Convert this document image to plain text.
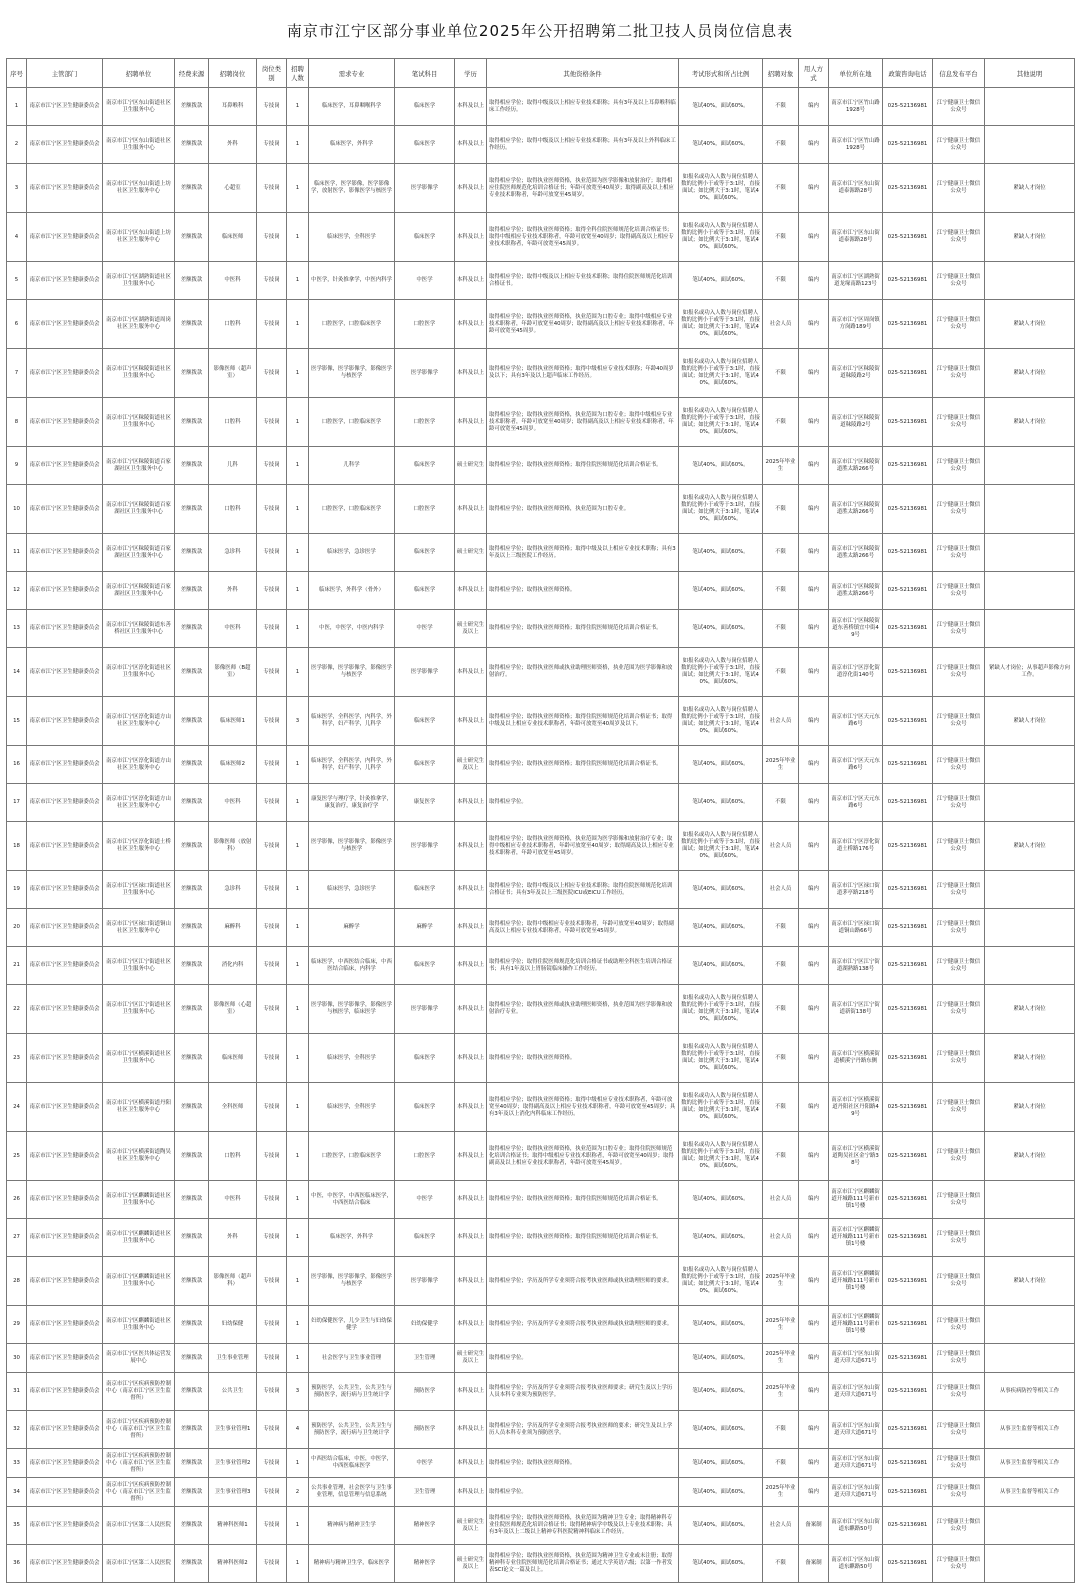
南京市江宁区部分事业单位2025年公开招聘第二批卫技人员岗位信息表
序号	主管部门	招聘单位	经费来源	招聘岗位	岗位类别	招聘人数	需求专业	笔试科目	学历	其他资格条件	考试形式和所占比例	招聘对象	用人方式	单位所在地	政策咨询电话	信息发布平台	其他说明
1	南京市江宁区卫生健康委员会	南京市江宁区东山街道社区卫生服务中心	差额拨款	耳鼻喉科	专技岗	1	临床医学，耳鼻咽喉科学	临床医学	本科及以上	取得相应学位；取得中级及以上相应专业技术职称；具有3年及以上耳鼻喉科临床工作经历。	笔试40%，面试60%。	不限	编内	南京市江宁区竹山路1928号	025-52136981	江宁健康卫士微信公众号	
2	南京市江宁区卫生健康委员会	南京市江宁区东山街道社区卫生服务中心	差额拨款	外科	专技岗	1	临床医学，外科学	临床医学	本科及以上	取得相应学位；取得中级及以上相应专业技术职称；具有3年及以上外科临床工作经历。	笔试40%，面试60%。	不限	编内	南京市江宁区竹山路1928号	025-52136981	江宁健康卫士微信公众号	
3	南京市江宁区卫生健康委员会	南京市江宁区东山街道上坊社区卫生服务中心	差额拨款	心超室	专技岗	1	临床医学，医学影像，医学影像学，放射医学，影像医学与核医学	医学影像学	本科及以上	取得相应学位；取得执业医师资格，执业范围为医学影像和放射治疗；取得相应住院医师规范化培训合格证书；年龄可放宽至40周岁；取得副高及以上相应专业技术职称者，年龄可放宽至45周岁。	如报名或功入人数与岗位招聘人数的比例小于或等于3:1时，直接面试；如比例大于3:1时，笔试40%，面试60%。	不限	编内	南京市江宁区东山街道泰源路28号	025-52136981	江宁健康卫士微信公众号	紧缺人才岗位
4	南京市江宁区卫生健康委员会	南京市江宁区东山街道上坊社区卫生服务中心	差额拨款	临床医师	专技岗	1	临床医学，全科医学	临床医学	本科及以上	取得相应学位；取得执业医师资格；取得全科住院医师规范化培训合格证书；取得中级相应专业技术职称者，年龄可放宽至40周岁；取得副高及以上相应专业技术职称者，年龄可放宽至45周岁。	如报名或功入人数与岗位招聘人数的比例小于或等于3:1时，直接面试；如比例大于3:1时，笔试40%，面试60%。	不限	编内	南京市江宁区东山街道泰源路28号	025-52136981	江宁健康卫士微信公众号	紧缺人才岗位
5	南京市江宁区卫生健康委员会	南京市江宁区湖熟街道社区卫生服务中心	差额拨款	中医科	专技岗	1	中医学，针灸推拿学，中医内科学	中医学	本科及以上	取得相应学位；取得中级及以上相应专业技术职称；取得住院医师规范化培训合格证书。	笔试40%，面试60%。	不限	编内	南京市江宁区湖熟街道龙缘南路123号	025-52136981	江宁健康卫士微信公众号	
6	南京市江宁区卫生健康委员会	南京市江宁区湖熟街道周岗社区卫生服务中心	差额拨款	口腔科	专技岗	1	口腔医学，口腔临床医学	口腔医学	本科及以上	取得相应学位；取得执业医师资格，执业范围为口腔专业；取得中级相应专业技术职称者，年龄可放宽至40周岁；取得副高及以上相应专业技术职称者，年龄可放宽至45周岁。	如报名或功入人数与岗位招聘人数的比例小于或等于3:1时，直接面试；如比例大于3:1时，笔试40%，面试60%。	社会人员	编内	南京市江宁区周岗镇方岗路189号	025-52136981	江宁健康卫士微信公众号	紧缺人才岗位
7	南京市江宁区卫生健康委员会	南京市江宁区秣陵街道社区卫生服务中心	差额拨款	影像医师（超声室）	专技岗	1	医学影像，医学影像学，影像医学与核医学	医学影像学	本科及以上	取得相应学位；取得执业医师资格；取得中级相应专业技术职称；年龄40周岁及以下；具有3年及以上超声临床工作经历。	如报名或功入人数与岗位招聘人数的比例小于或等于3:1时，直接面试；如比例大于3:1时，笔试40%，面试60%。	不限	编内	南京市江宁区秣陵街道秣陵路2号	025-52136981	江宁健康卫士微信公众号	紧缺人才岗位
8	南京市江宁区卫生健康委员会	南京市江宁区秣陵街道社区卫生服务中心	差额拨款	口腔科	专技岗	1	口腔医学，口腔临床医学	口腔医学	本科及以上	取得相应学位；取得执业医师资格，执业范围为口腔专业；取得中级相应专业技术职称者，年龄可放宽至40周岁；取得副高及以上相应专业技术职称者，年龄可放宽至45周岁。	如报名或功入人数与岗位招聘人数的比例小于或等于3:1时，直接面试；如比例大于3:1时，笔试40%，面试60%。	不限	编内	南京市江宁区秣陵街道秣陵路2号	025-52136981	江宁健康卫士微信公众号	紧缺人才岗位
9	南京市江宁区卫生健康委员会	南京市江宁区秣陵街道百家湖社区卫生服务中心	差额拨款	儿科	专技岗	1	儿科学	临床医学	硕士研究生	取得相应学位；取得执业医师资格；取得住院医师规范化培训合格证书。	笔试40%，面试60%。	2025年毕业生	编内	南京市江宁区秣陵街道胜太路266号	025-52136981	江宁健康卫士微信公众号	
10	南京市江宁区卫生健康委员会	南京市江宁区秣陵街道百家湖社区卫生服务中心	差额拨款	口腔科	专技岗	1	口腔医学，口腔临床医学	口腔医学	本科及以上	取得相应学位；取得执业医师资格，执业范围为口腔专业。	如报名或功入人数与岗位招聘人数的比例小于或等于3:1时，直接面试；如比例大于3:1时，笔试40%，面试60%。	不限	编内	南京市江宁区秣陵街道胜太路266号	025-52136981	江宁健康卫士微信公众号	
11	南京市江宁区卫生健康委员会	南京市江宁区秣陵街道百家湖社区卫生服务中心	差额拨款	急诊科	专技岗	1	临床医学，急诊医学	临床医学	硕士研究生	取得相应学位；取得执业医师资格；取得中级及以上相应专业技术职称；具有3年及以上三级医院工作经历。	笔试40%，面试60%。	不限	编内	南京市江宁区秣陵街道胜太路266号	025-52136981	江宁健康卫士微信公众号	
12	南京市江宁区卫生健康委员会	南京市江宁区秣陵街道百家湖社区卫生服务中心	差额拨款	外科	专技岗	1	临床医学，外科学（骨外）	临床医学	本科及以上	取得相应学位；取得执业医师资格。	笔试40%，面试60%。	不限	编内	南京市江宁区秣陵街道胜太路266号	025-52136981	江宁健康卫士微信公众号	
13	南京市江宁区卫生健康委员会	南京市江宁区秣陵街道东善桥社区卫生服务中心	差额拨款	中医科	专技岗	1	中医，中医学，中医内科学	中医学	硕士研究生及以上	取得相应学位；取得执业医师资格；取得住院医师规范化培训合格证书。	笔试40%，面试60%。	不限	编内	南京市江宁区秣陵街道东善桥镇宜中街49号	025-52136981	江宁健康卫士微信公众号	
14	南京市江宁区卫生健康委员会	南京市江宁区淳化街道社区卫生服务中心	差额拨款	影像医师（B超室）	专技岗	1	医学影像，医学影像学，影像医学与核医学	医学影像学	本科及以上	取得相应学位；取得执业医师或执业助理医师资格，执业范围为医学影像和放射治疗。	如报名或功入人数与岗位招聘人数的比例小于或等于3:1时，直接面试；如比例大于3:1时，笔试40%，面试60%。	不限	编内	南京市江宁区淳化街道淳化街140号	025-52136981	江宁健康卫士微信公众号	紧缺人才岗位；从事超声影像方向工作。
15	南京市江宁区卫生健康委员会	南京市江宁区淳化街道方山社区卫生服务中心	差额拨款	临床医师1	专技岗	3	临床医学，全科医学，内科学，外科学，妇产科学，儿科学	临床医学	本科及以上	取得相应学位；取得执业医师资格；取得住院医师规范化培训合格证书；取得中级及以上相应专业技术职称者，年龄可放宽至40周岁及以下。	如报名或功入人数与岗位招聘人数的比例小于或等于3:1时，直接面试；如比例大于3:1时，笔试40%，面试60%。	社会人员	编内	南京市江宁区天元东路6号	025-52136981	江宁健康卫士微信公众号	紧缺人才岗位
16	南京市江宁区卫生健康委员会	南京市江宁区淳化街道方山社区卫生服务中心	差额拨款	临床医师2	专技岗	1	临床医学，全科医学，内科学，外科学，妇产科学，儿科学	临床医学	硕士研究生及以上	取得相应学位；取得执业医师资格；取得住院医师规范化培训合格证书。	笔试40%，面试60%。	2025年毕业生	编内	南京市江宁区天元东路6号	025-52136981	江宁健康卫士微信公众号	
17	南京市江宁区卫生健康委员会	南京市江宁区淳化街道方山社区卫生服务中心	差额拨款	中医科	专技岗	1	康复医学与理疗学，针灸推拿学，康复治疗，康复治疗学	康复医学	本科及以上	取得相应学位。	笔试40%，面试60%。	不限	编内	南京市江宁区天元东路6号	025-52136981	江宁健康卫士微信公众号	
18	南京市江宁区卫生健康委员会	南京市江宁区淳化街道土桥社区卫生服务中心	差额拨款	影像医师（放射科）	专技岗	1	医学影像，医学影像学，影像医学与核医学	医学影像学	本科及以上	取得相应学位；取得执业医师资格，执业范围为医学影像和放射治疗专业；取得中级相应专业技术职称者，年龄可放宽至40周岁；取得副高及以上相应专业技术职称者，年龄可放宽至45周岁。	如报名或功入人数与岗位招聘人数的比例小于或等于3:1时，直接面试；如比例大于3:1时，笔试40%，面试60%。	社会人员	编内	南京市江宁区淳化街道土桥路176号	025-52136981	江宁健康卫士微信公众号	紧缺人才岗位
19	南京市江宁区卫生健康委员会	南京市江宁区禄口街道社区卫生服务中心	差额拨款	急诊科	专技岗	1	临床医学，急诊医学	临床医学	本科及以上	取得相应学位；取得中级及以上相应专业技术职称；取得住院医师规范化培训合格证书；具有3年及以上三级医院ICU或EICU工作经历。	笔试40%，面试60%。	社会人员	编内	南京市江宁区禄口街道茅亭路218号	025-52136981	江宁健康卫士微信公众号	
20	南京市江宁区卫生健康委员会	南京市江宁区禄口街道铜山社区卫生服务中心	差额拨款	麻醉科	专技岗	1	麻醉学	麻醉学	本科及以上	取得相应学位；取得中级相应专业技术职称者，年龄可放宽至40周岁；取得副高及以上相应专业技术职称者，年龄可放宽至45周岁。	笔试40%，面试60%。	不限	编内	南京市江宁区禄口街道铜山路66号	025-52136981	江宁健康卫士微信公众号	
21	南京市江宁区卫生健康委员会	南京市江宁区江宁街道社区卫生服务中心	差额拨款	消化内科	专技岗	1	临床医学，中西医结合临床，中西医结合临床，内科学	临床医学	本科及以上	取得相应学位；取得住院医师规范化培训合格证书或助理全科医生培训合格证书；具有1年及以上胃肠镜临床操作工作经历。	笔试40%，面试60%。	不限	编内	南京市江宁区江宁街道湖熟路138号	025-52136981	江宁健康卫士微信公众号	
22	南京市江宁区卫生健康委员会	南京市江宁区江宁街道社区卫生服务中心	差额拨款	影像医师（心超室）	专技岗	1	医学影像，医学影像学，影像医学与核医学，临床医学	医学影像学	本科及以上	取得相应学位；取得执业医师或执业助理医师资格，执业范围为医学影像和放射治疗专业。	如报名或功入人数与岗位招聘人数的比例小于或等于3:1时，直接面试；如比例大于3:1时，笔试40%，面试60%。	不限	编内	南京市江宁区江宁街道新街138号	025-52136981	江宁健康卫士微信公众号	紧缺人才岗位
23	南京市江宁区卫生健康委员会	南京市江宁区横溪街道社区卫生服务中心	差额拨款	临床医师	专技岗	1	临床医学，全科医学	临床医学	本科及以上	取得相应学位；取得执业医师资格。	如报名或功入人数与岗位招聘人数的比例小于或等于3:1时，直接面试；如比例大于3:1时，笔试40%，面试60%。	不限	编内	南京市江宁区横溪街道横溪宁丹路东侧	025-52136981	江宁健康卫士微信公众号	紧缺人才岗位
24	南京市江宁区卫生健康委员会	南京市江宁区横溪街道丹阳社区卫生服务中心	差额拨款	全科医师	专技岗	1	临床医学，全科医学	临床医学	本科及以上	取得相应学位；取得执业医师资格；取得中级相应专业技术职称者，年龄可放宽至40周岁；取得副高及以上相应专业技术职称者，年龄可放宽至45周岁；具有3年及以上消化内科临床工作经历。	如报名或功入人数与岗位招聘人数的比例小于或等于3:1时，直接面试；如比例大于3:1时，笔试40%，面试60%。	不限	编内	南京市江宁区横溪街道丹阳社区丹阳路49号	025-52136981	江宁健康卫士微信公众号	紧缺人才岗位
25	南京市江宁区卫生健康委员会	南京市江宁区横溪街道陶吴社区卫生服务中心	差额拨款	口腔科	专技岗	1	口腔医学，口腔临床医学	口腔医学	本科及以上	取得相应学位；取得执业医师资格，执业范围为口腔专业；取得住院医师规范化培训合格证书；取得中级相应专业技术职称者，年龄可放宽至40周岁；取得副高及以上相应专业技术职称者，年龄可放宽至45周岁。	如报名或功入人数与岗位招聘人数的比例小于或等于3:1时，直接面试；如比例大于3:1时，笔试40%，面试60%。	不限	编内	南京市江宁区横溪街道陶吴社区金宁路38号	025-52136981	江宁健康卫士微信公众号	紧缺人才岗位
26	南京市江宁区卫生健康委员会	南京市江宁区麒麟街道社区卫生服务中心	差额拨款	中医科	专技岗	1	中医，中医学，中西医临床医学，中西医结合临床	中医学	本科及以上	取得相应学位；取得执业医师资格；取得住院医师规范化培训合格证书。	笔试40%，面试60%。	社会人员	编内	南京市江宁区麒麟街道开城路111号新市镇1号楼	025-52136981	江宁健康卫士微信公众号	
27	南京市江宁区卫生健康委员会	南京市江宁区麒麟街道社区卫生服务中心	差额拨款	外科	专技岗	1	临床医学，外科学	临床医学	本科及以上	取得相应学位；取得执业医师资格；取得住院医师规范化培训合格证书。	笔试40%，面试60%。	社会人员	编内	南京市江宁区麒麟街道开城路111号新市镇1号楼	025-52136981	江宁健康卫士微信公众号	
28	南京市江宁区卫生健康委员会	南京市江宁区麒麟街道社区卫生服务中心	差额拨款	影像医师（超声科）	专技岗	1	医学影像，医学影像学，影像医学与核医学	医学影像学	本科及以上	取得相应学位；学历及所学专业须符合报考执业医师或执业助理医师的要求。	如报名或功入人数与岗位招聘人数的比例小于或等于3:1时，直接面试；如比例大于3:1时，笔试40%，面试60%。	2025年毕业生	编内	南京市江宁区麒麟街道开城路111号新市镇1号楼	025-52136981	江宁健康卫士微信公众号	紧缺人才岗位
29	南京市江宁区卫生健康委员会	南京市江宁区麒麟街道社区卫生服务中心	差额拨款	妇幼保健	专技岗	1	妇幼保健医学，儿少卫生与妇幼保健学	妇幼保健学	本科及以上	取得相应学位；学历及所学专业须符合报考执业医师或执业助理医师的要求。	笔试40%，面试60%。	2025年毕业生	编内	南京市江宁区麒麟街道开城路111号新市镇1号楼	025-52136981	江宁健康卫士微信公众号	
30	南京市江宁区卫生健康委员会	南京市江宁区医共体运营发展中心	差额拨款	卫生事业管理	专技岗	1	社会医学与卫生事业管理	卫生管理	硕士研究生及以上	取得相应学位。	笔试40%，面试60%。	2025年毕业生	编内	南京市江宁区东山街道天印大道671号	025-52136981	江宁健康卫士微信公众号	
31	南京市江宁区卫生健康委员会	南京市江宁区疾病预防控制中心（南京市江宁区卫生监督所）	差额拨款	公共卫生	专技岗	3	预防医学，公共卫生，公共卫生与预防医学，流行病与卫生统计学	预防医学	本科及以上	取得相应学位；学历及所学专业须符合报考执业医师要求；研究生及以上学历人员本科专业须为预防医学。	笔试40%，面试60%。	2025年毕业生	编内	南京市江宁区东山街道天印大道671号	025-52136981	江宁健康卫士微信公众号	从事疾病防控等相关工作
32	南京市江宁区卫生健康委员会	南京市江宁区疾病预防控制中心（南京市江宁区卫生监督所）	差额拨款	卫生事业管理1	专技岗	4	预防医学，公共卫生，公共卫生与预防医学，流行病与卫生统计学	预防医学	本科及以上	取得相应学位；学历及所学专业须符合报考执业医师的要求；研究生及以上学历人员本科专业须为预防医学。	笔试40%，面试60%。	不限	编内	南京市江宁区东山街道天印大道671号	025-52136981	江宁健康卫士微信公众号	从事卫生监督等相关工作
33	南京市江宁区卫生健康委员会	南京市江宁区疾病预防控制中心（南京市江宁区卫生监督所）	差额拨款	卫生事业管理2	专技岗	1	中西医结合临床，中医，中医学，中西医临床医学	中医学	本科及以上	取得相应学位；取得执业医师资格。	笔试40%，面试60%。	不限	编内	南京市江宁区东山街道天印大道671号	025-52136981	江宁健康卫士微信公众号	从事卫生监督等相关工作
34	南京市江宁区卫生健康委员会	南京市江宁区疾病预防控制中心（南京市江宁区卫生监督所）	差额拨款	卫生事业管理3	专技岗	2	公共事业管理，社会医学与卫生事业管理，信息管理与信息系统	卫生管理	本科及以上	取得相应学位。	笔试40%，面试60%。	2025年毕业生	编内	南京市江宁区东山街道天印大道671号	025-52136981	江宁健康卫士微信公众号	从事卫生监督等相关工作
35	南京市江宁区卫生健康委员会	南京市江宁区第二人民医院	差额拨款	精神科医师1	专技岗	1	精神病与精神卫生学	精神医学	硕士研究生及以上	取得相应学位；取得执业医师资格，执业范围为精神卫生专业；取得精神科专业住院医师规范化培训合格证书；取得精神病学中级及以上专业技术职称；具有3年及以上二级以上精神专科医院精神科临床工作经历。	笔试40%，面试60%。	社会人员	备案制	南京市江宁区东山街道东麒路50号	025-52136981	江宁健康卫士微信公众号	
36	南京市江宁区卫生健康委员会	南京市江宁区第二人民医院	差额拨款	精神科医师2	专技岗	1	精神病与精神卫生学，临床医学	精神医学	硕士研究生及以上	取得相应学位；取得执业医师资格，执业范围为精神卫生专业或未注册；取得精神科专业住院医师规范化培训合格证书；通过大学英语六级；以第一作者发表SCI论文一篇及以上。	笔试40%，面试60%。	不限	备案制	南京市江宁区东山街道东麒路50号	025-52136981	江宁健康卫士微信公众号	
